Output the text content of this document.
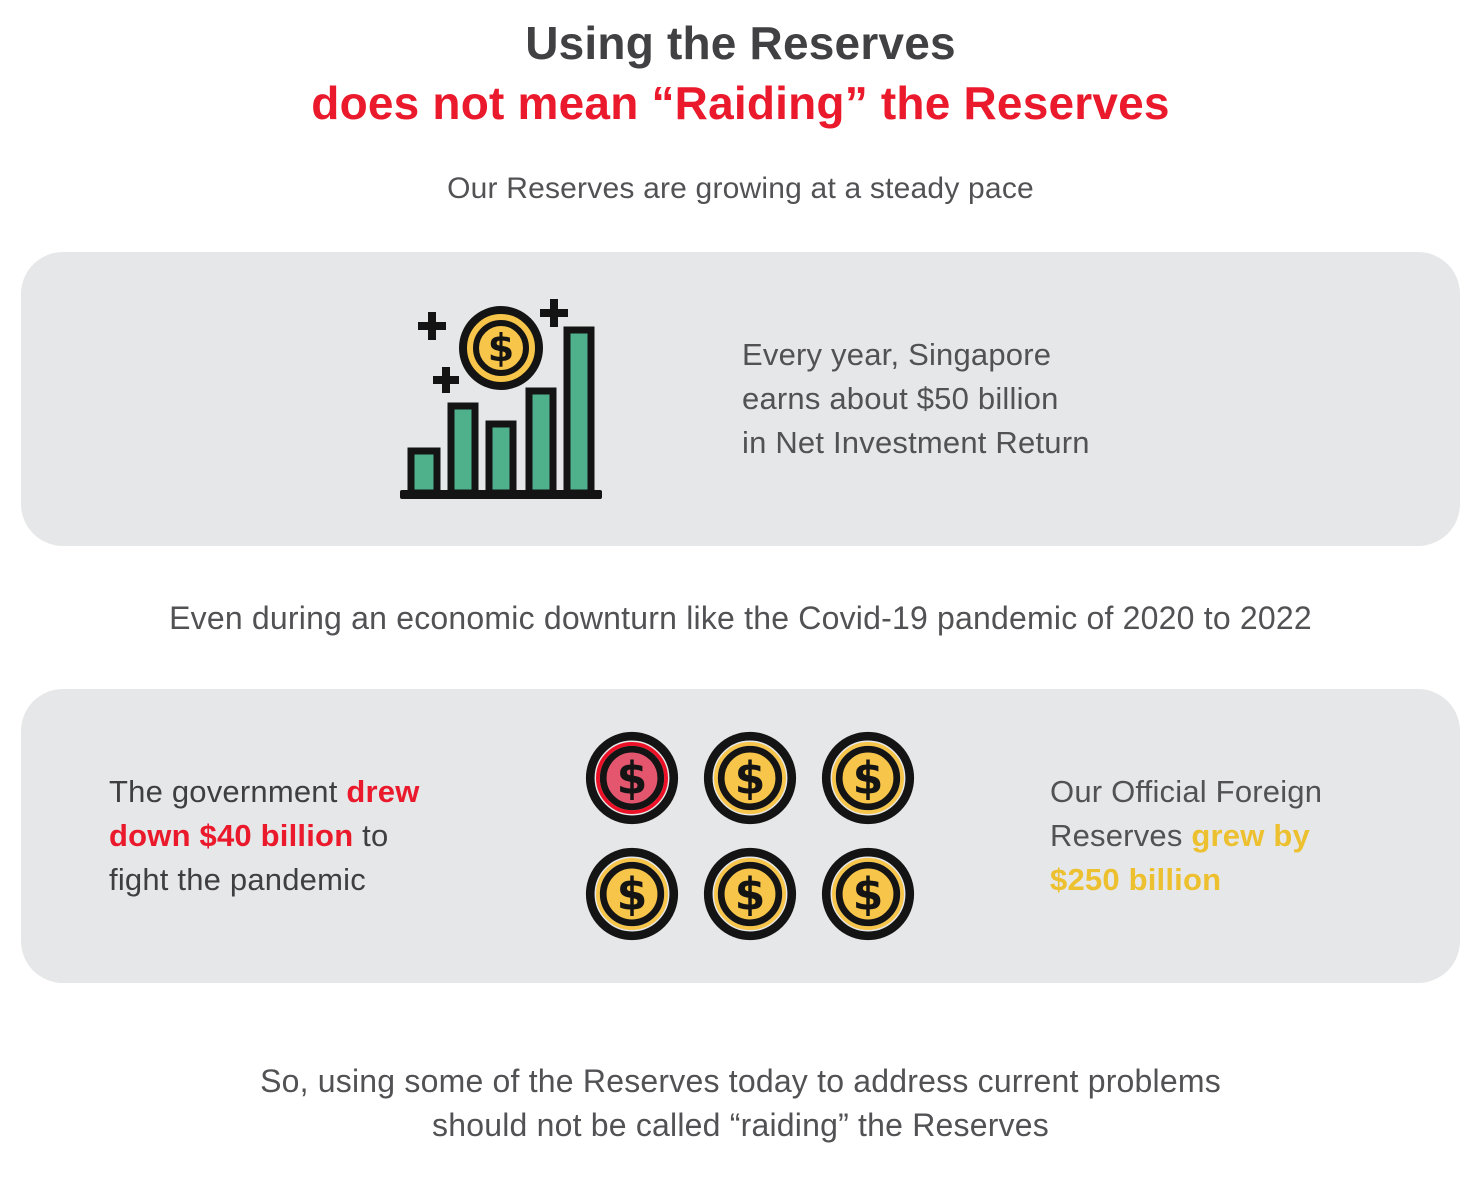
Using the Reserves
does not mean “Raiding” the Reserves

Our Reserves are growing at a steady pace

$	Every year, Singapore
earns about $50 billion
in Net Investment Return

Even during an economic downturn like the Covid-19 pandemic of 2020 to 2022

The government drew down $40 billion to fight the pandemic

$ $ $
$ $ $

Our Official Foreign Reserves grew by $250 billion

So, using some of the Reserves today to address current problems

should not be called “raiding” the Reserves
